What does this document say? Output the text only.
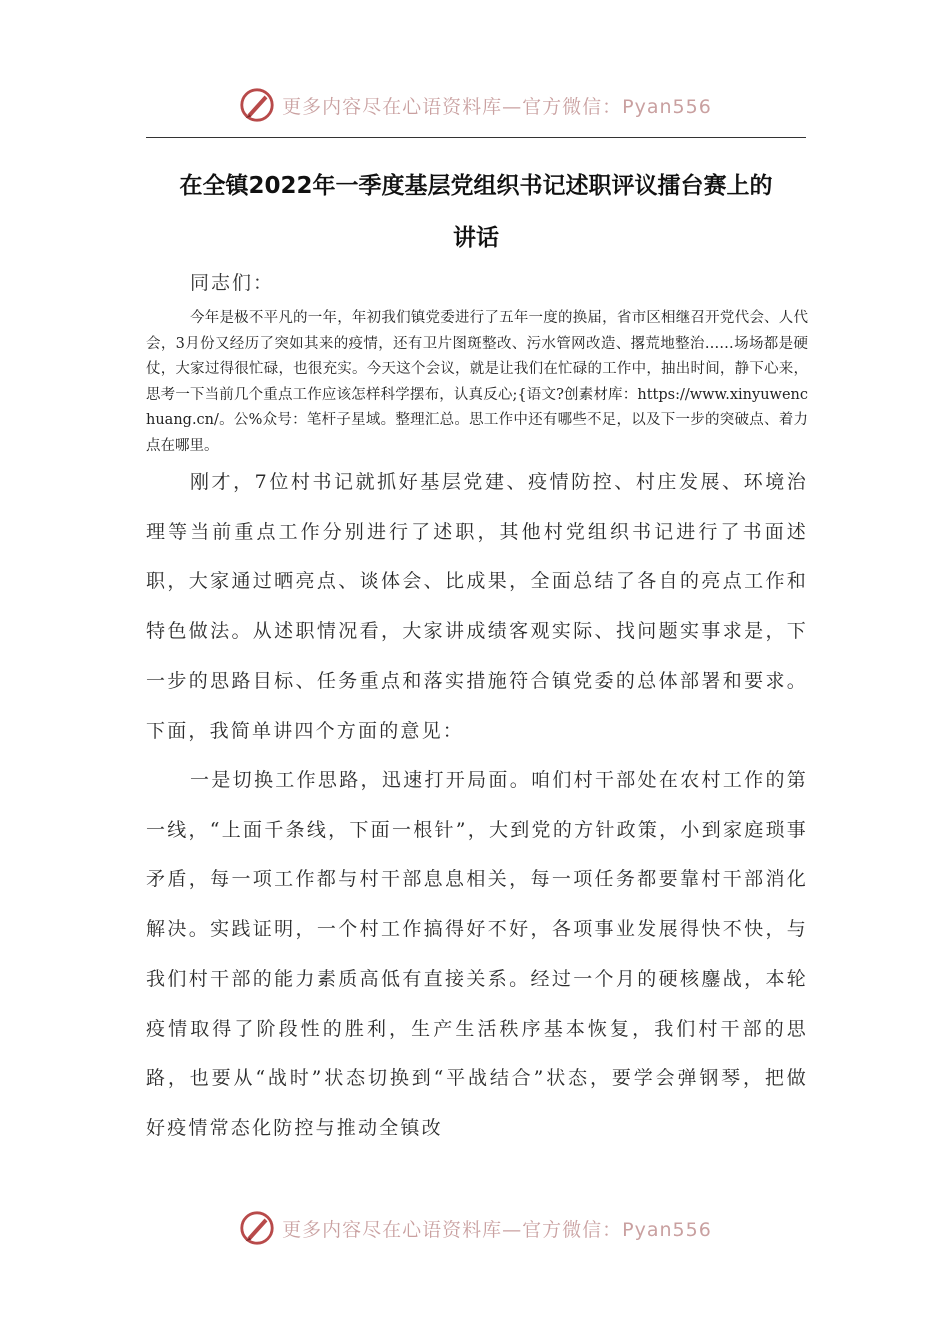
更多内容尽在心语资料库—官方微信：Pyan556
在全镇2022年一季度基层党组织书记述职评议擂台赛上的
讲话
同志们：
今年是极不平凡的一年，年初我们镇党委进行了五年一度的换届，省市区相继召开党代会、人代会，3月份又经历了突如其来的疫情，还有卫片图斑整改、污水管网改造、撂荒地整治……场场都是硬仗，大家过得很忙碌，也很充实。今天这个会议，就是让我们在忙碌的工作中，抽出时间，静下心来，思考一下当前几个重点工作应该怎样科学摆布，认真反心;{语文?创素材库：https://www.xinyuwenchuang.cn/。公%众号：笔杆子星域。整理汇总。思工作中还有哪些不足，以及下一步的突破点、着力点在哪里。
刚才，7位村书记就抓好基层党建、疫情防控、村庄发展、环境治理等当前重点工作分别进行了述职，其他村党组织书记进行了书面述职，大家通过晒亮点、谈体会、比成果，全面总结了各自的亮点工作和特色做法。从述职情况看，大家讲成绩客观实际、找问题实事求是，下一步的思路目标、任务重点和落实措施符合镇党委的总体部署和要求。下面，我简单讲四个方面的意见：
一是切换工作思路，迅速打开局面。咱们村干部处在农村工作的第一线，“上面千条线，下面一根针”，大到党的方针政策，小到家庭琐事矛盾，每一项工作都与村干部息息相关，每一项任务都要靠村干部消化解决。实践证明，一个村工作搞得好不好，各项事业发展得快不快，与我们村干部的能力素质高低有直接关系。经过一个月的硬核鏖战，本轮疫情取得了阶段性的胜利，生产生活秩序基本恢复，我们村干部的思路，也要从“战时”状态切换到“平战结合”状态，要学会弹钢琴，把做好疫情常态化防控与推动全镇改
更多内容尽在心语资料库—官方微信：Pyan556
